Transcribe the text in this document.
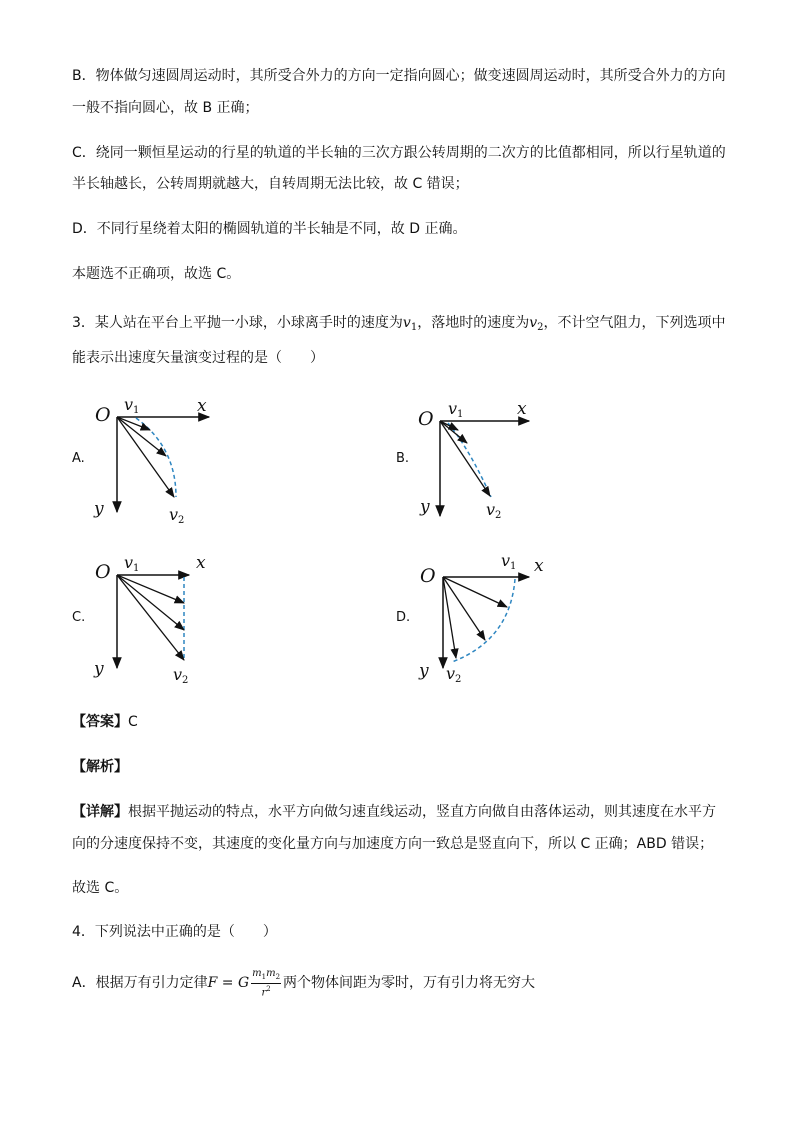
B．物体做匀速圆周运动时，其所受合外力的方向一定指向圆心；做变速圆周运动时，其所受合外力的方向
一般不指向圆心，故 B 正确；
C．绕同一颗恒星运动的行星的轨道的半长轴的三次方跟公转周期的二次方的比值都相同，所以行星轨道的
半长轴越长，公转周期就越大，自转周期无法比较，故 C 错误；
D．不同行星绕着太阳的椭圆轨道的半长轴是不同，故 D 正确。
本题选不正确项，故选 C。
3．某人站在平台上平抛一小球，小球离手时的速度为$v_1$，落地时的速度为$v_2$，不计空气阻力，下列选项中
能表示出速度矢量演变过程的是（　　）
A.	B.
C.	D.
O	x
y
v1
v2
O	x
y
v1
v2
O	x
y
v1
v2
O	x
y
v1
v2
【答案】C
【解析】
【详解】根据平抛运动的特点，水平方向做匀速直线运动，竖直方向做自由落体运动，则其速度在水平方
向的分速度保持不变，其速度的变化量方向与加速度方向一致总是竖直向下，所以 C 正确；ABD 错误；
故选 C。
4．下列说法中正确的是（　　）
A．根据万有引力定律F = G $\frac{m_1m_2}{r^2}$ 两个物体间距为零时，万有引力将无穷大
